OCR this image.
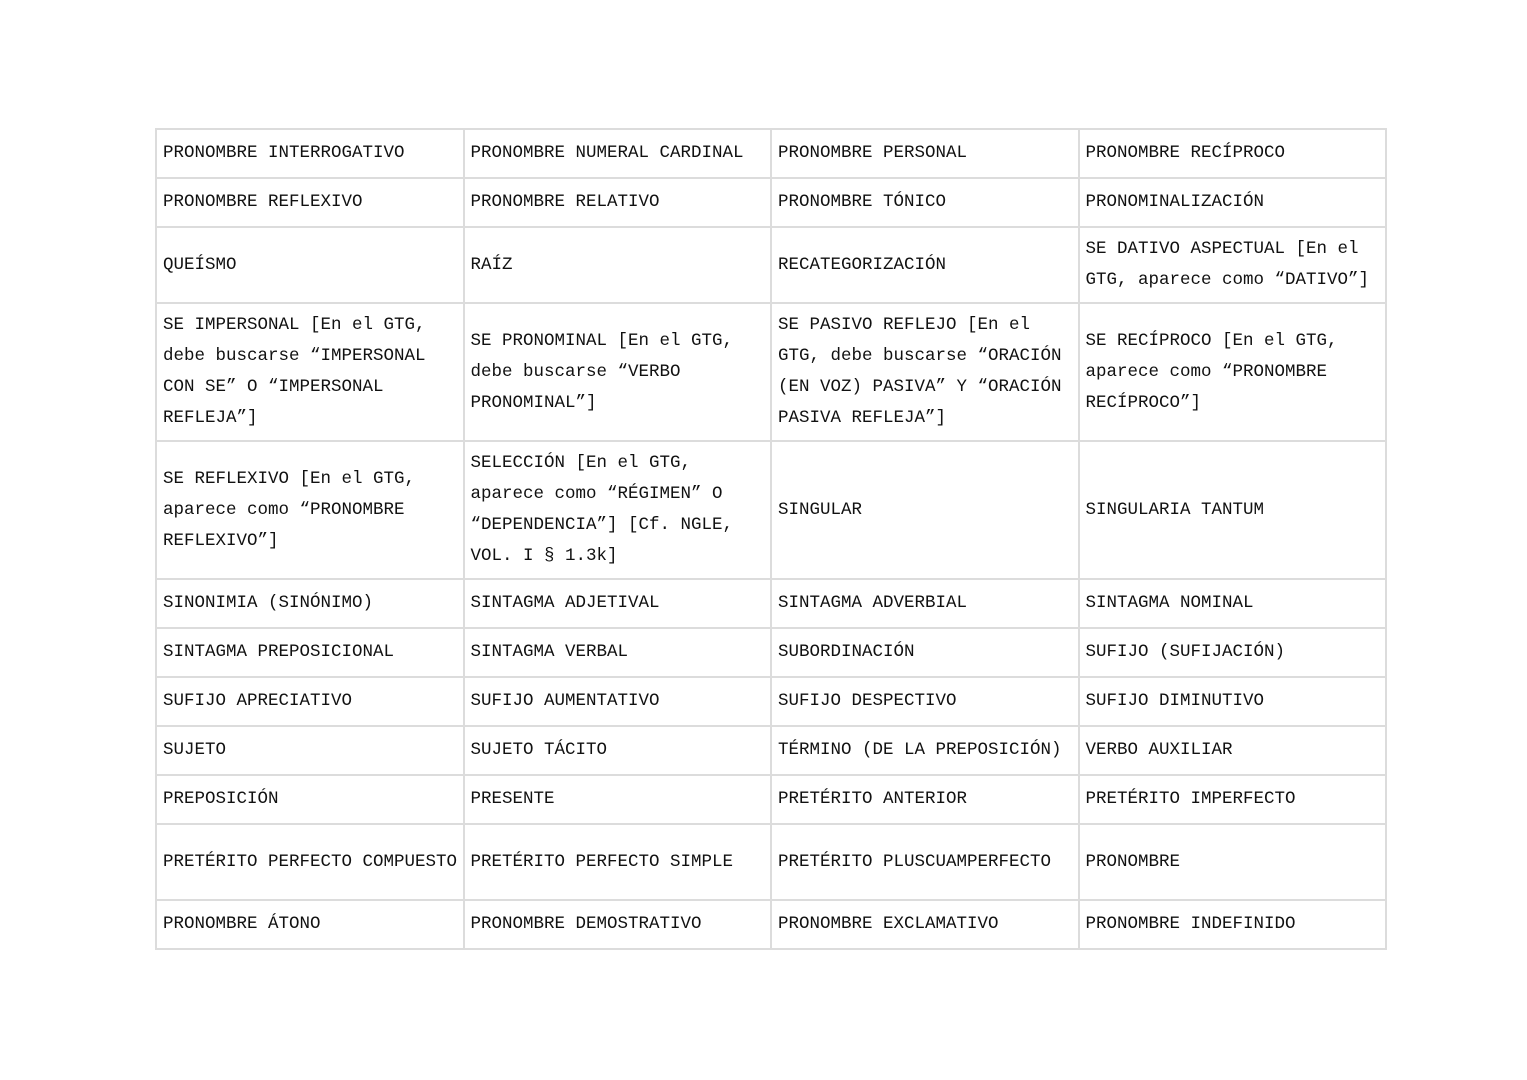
PRONOMBRE INTERROGATIVO	PRONOMBRE NUMERAL CARDINAL	PRONOMBRE PERSONAL	PRONOMBRE RECÍPROCO
PRONOMBRE REFLEXIVO	PRONOMBRE RELATIVO	PRONOMBRE TÓNICO	PRONOMINALIZACIÓN
QUEÍSMO	RAÍZ	RECATEGORIZACIÓN	SE DATIVO ASPECTUAL [En el GTG, aparece como “DATIVO”]
SE IMPERSONAL [En el GTG, debe buscarse “IMPERSONAL CON SE” O “IMPERSONAL REFLEJA”]	SE PRONOMINAL [En el GTG, debe buscarse “VERBO PRONOMINAL”]	SE PASIVO REFLEJO [En el GTG, debe buscarse “ORACIÓN (EN VOZ) PASIVA” Y “ORACIÓN PASIVA REFLEJA”]	SE RECÍPROCO [En el GTG, aparece como “PRONOMBRE RECÍPROCO”]
SE REFLEXIVO [En el GTG, aparece como “PRONOMBRE REFLEXIVO”]	SELECCIÓN [En el GTG, aparece como “RÉGIMEN” O “DEPENDENCIA”] [Cf. NGLE, VOL. I § 1.3k]	SINGULAR	SINGULARIA TANTUM
SINONIMIA (SINÓNIMO)	SINTAGMA ADJETIVAL	SINTAGMA ADVERBIAL	SINTAGMA NOMINAL
SINTAGMA PREPOSICIONAL	SINTAGMA VERBAL	SUBORDINACIÓN	SUFIJO (SUFIJACIÓN)
SUFIJO APRECIATIVO	SUFIJO AUMENTATIVO	SUFIJO DESPECTIVO	SUFIJO DIMINUTIVO
SUJETO	SUJETO TÁCITO	TÉRMINO (DE LA PREPOSICIÓN)	VERBO AUXILIAR
PREPOSICIÓN	PRESENTE	PRETÉRITO ANTERIOR	PRETÉRITO IMPERFECTO
PRETÉRITO PERFECTO COMPUESTO	PRETÉRITO PERFECTO SIMPLE	PRETÉRITO PLUSCUAMPERFECTO	PRONOMBRE
PRONOMBRE ÁTONO	PRONOMBRE DEMOSTRATIVO	PRONOMBRE EXCLAMATIVO	PRONOMBRE INDEFINIDO
